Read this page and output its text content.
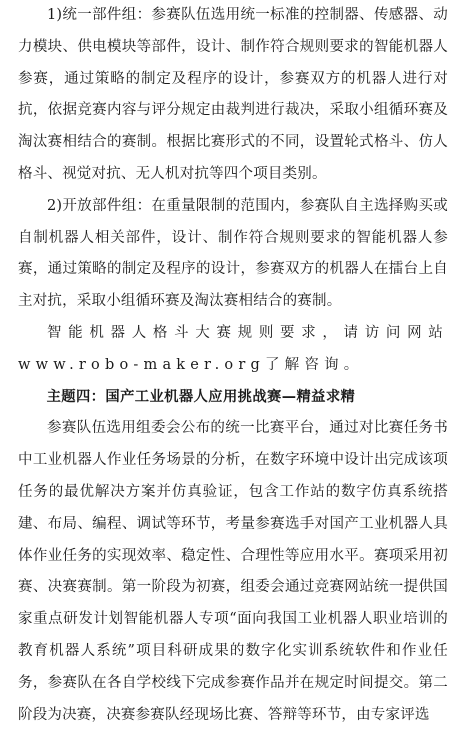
1)统一部件组：参赛队伍选用统一标准的控制器、传感器、动力模块、供电模块等部件，设计、制作符合规则要求的智能机器人参赛，通过策略的制定及程序的设计，参赛双方的机器人进行对抗，依据竞赛内容与评分规定由裁判进行裁决，采取小组循环赛及淘汰赛相结合的赛制。根据比赛形式的不同，设置轮式格斗、仿人格斗、视觉对抗、无人机对抗等四个项目类别。

2)开放部件组：在重量限制的范围内，参赛队自主选择购买或自制机器人相关部件，设计、制作符合规则要求的智能机器人参赛，通过策略的制定及程序的设计，参赛双方的机器人在擂台上自主对抗，采取小组循环赛及淘汰赛相结合的赛制。

智能机器人格斗大赛规则要求，请访问网站www.robo-maker.org了解咨询。

主题四：国产工业机器人应用挑战赛—精益求精

参赛队伍选用组委会公布的统一比赛平台，通过对比赛任务书中工业机器人作业任务场景的分析，在数字环境中设计出完成该项任务的最优解决方案并仿真验证，包含工作站的数字仿真系统搭建、布局、编程、调试等环节，考量参赛选手对国产工业机器人具体作业任务的实现效率、稳定性、合理性等应用水平。赛项采用初赛、决赛赛制。第一阶段为初赛，组委会通过竞赛网站统一提供国家重点研发计划智能机器人专项“面向我国工业机器人职业培训的教育机器人系统”项目科研成果的数字化实训系统软件和作业任务，参赛队在各自学校线下完成参赛作品并在规定时间提交。第二阶段为决赛，决赛参赛队经现场比赛、答辩等环节，由专家评选
